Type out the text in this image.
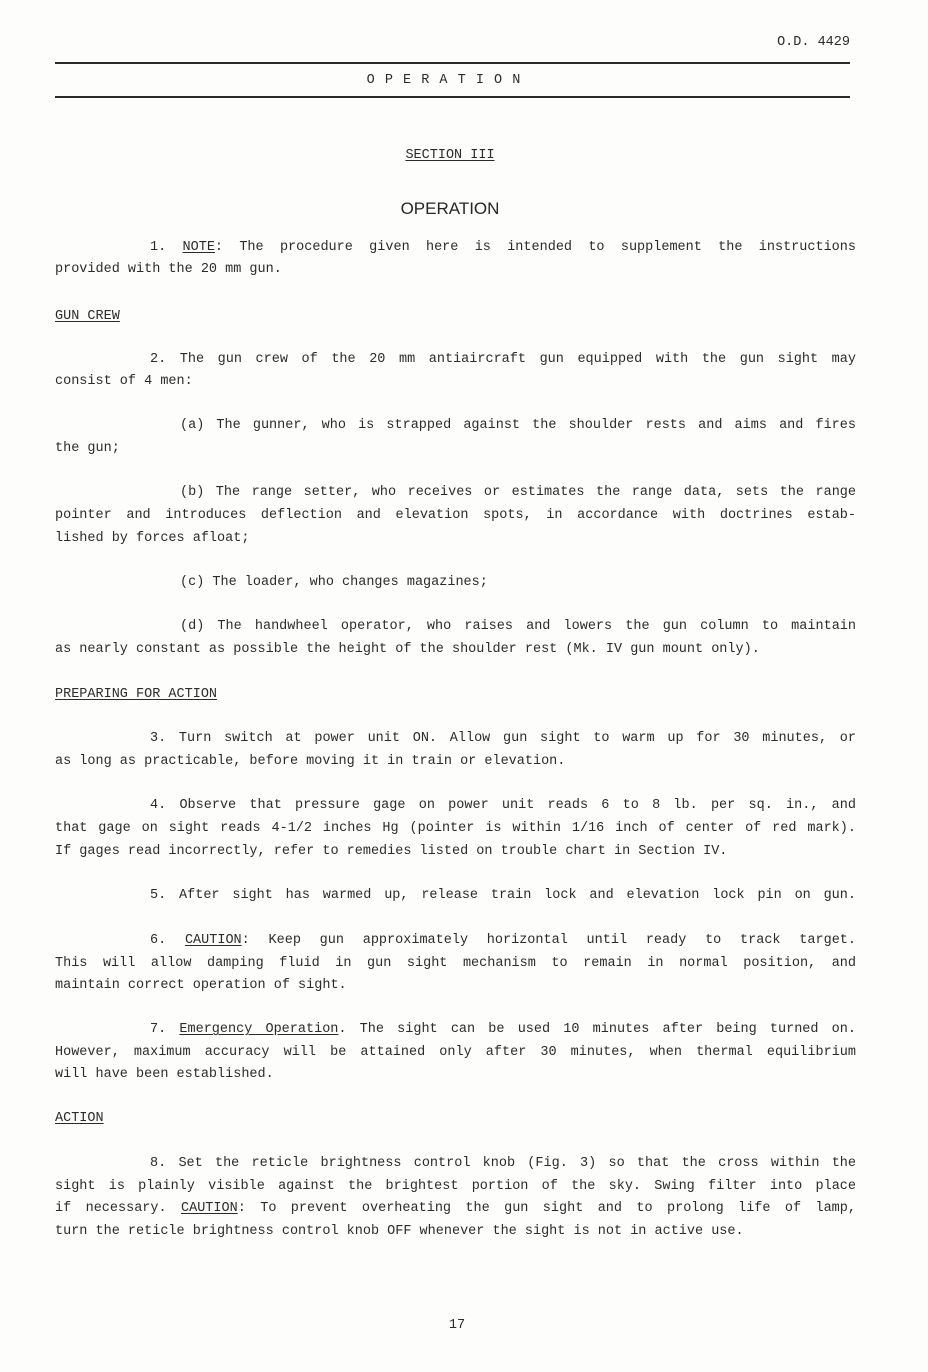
O.D. 4429
O P E R A T I O N
SECTION III
OPERATION
1. NOTE: The procedure given here is intended to supplement the instructions
provided with the 20 mm gun.
GUN CREW
2. The gun crew of the 20 mm antiaircraft gun equipped with the gun sight may
consist of 4 men:
(a) The gunner, who is strapped against the shoulder rests and aims and fires
the gun;
(b) The range setter, who receives or estimates the range data, sets the range
pointer and introduces deflection and elevation spots, in accordance with doctrines estab-
lished by forces afloat;
(c) The loader, who changes magazines;
(d) The handwheel operator, who raises and lowers the gun column to maintain
as nearly constant as possible the height of the shoulder rest (Mk. IV gun mount only).
PREPARING FOR ACTION
3. Turn switch at power unit ON. Allow gun sight to warm up for 30 minutes, or
as long as practicable, before moving it in train or elevation.
4. Observe that pressure gage on power unit reads 6 to 8 lb. per sq. in., and
that gage on sight reads 4-1/2 inches Hg (pointer is within 1/16 inch of center of red mark).
If gages read incorrectly, refer to remedies listed on trouble chart in Section IV.
5. After sight has warmed up, release train lock and elevation lock pin on gun.
6. CAUTION: Keep gun approximately horizontal until ready to track target.
This will allow damping fluid in gun sight mechanism to remain in normal position, and
maintain correct operation of sight.
7. Emergency Operation. The sight can be used 10 minutes after being turned on.
However, maximum accuracy will be attained only after 30 minutes, when thermal equilibrium
will have been established.
ACTION
8. Set the reticle brightness control knob (Fig. 3) so that the cross within the
sight is plainly visible against the brightest portion of the sky. Swing filter into place
if necessary. CAUTION: To prevent overheating the gun sight and to prolong life of lamp,
turn the reticle brightness control knob OFF whenever the sight is not in active use.
17
